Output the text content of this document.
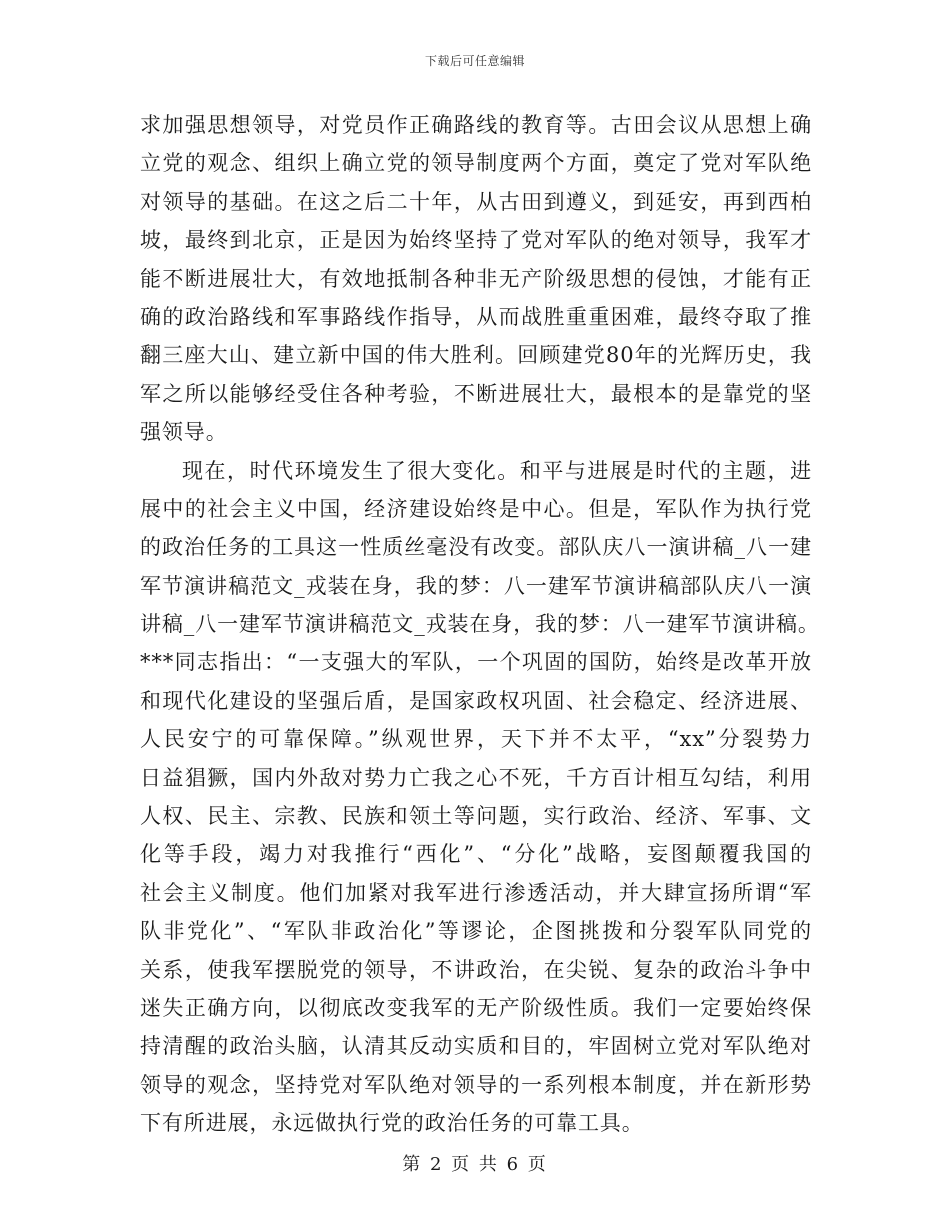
下载后可任意编辑
求加强思想领导，对党员作正确路线的教育等。古田会议从思想上确
立党的观念、组织上确立党的领导制度两个方面，奠定了党对军队绝
对领导的基础。在这之后二十年，从古田到遵义，到延安，再到西柏
坡，最终到北京，正是因为始终坚持了党对军队的绝对领导，我军才
能不断进展壮大，有效地抵制各种非无产阶级思想的侵蚀，才能有正
确的政治路线和军事路线作指导，从而战胜重重困难，最终夺取了推
翻三座大山、建立新中国的伟大胜利。回顾建党80年的光辉历史，我
军之所以能够经受住各种考验，不断进展壮大，最根本的是靠党的坚
强领导。
现在，时代环境发生了很大变化。和平与进展是时代的主题，进
展中的社会主义中国，经济建设始终是中心。但是，军队作为执行党
的政治任务的工具这一性质丝毫没有改变。部队庆八一演讲稿_八一建
军节演讲稿范文_戎装在身，我的梦：八一建军节演讲稿部队庆八一演
讲稿_八一建军节演讲稿范文_戎装在身，我的梦：八一建军节演讲稿。
***同志指出：“一支强大的军队，一个巩固的国防，始终是改革开放
和现代化建设的坚强后盾，是国家政权巩固、社会稳定、经济进展、
人民安宁的可靠保障。”纵观世界，天下并不太平，“xx”分裂势力
日益猖獗，国内外敌对势力亡我之心不死，千方百计相互勾结，利用
人权、民主、宗教、民族和领土等问题，实行政治、经济、军事、文
化等手段，竭力对我推行“西化”、“分化”战略，妄图颠覆我国的
社会主义制度。他们加紧对我军进行渗透活动，并大肆宣扬所谓“军
队非党化”、“军队非政治化”等谬论，企图挑拨和分裂军队同党的
关系，使我军摆脱党的领导，不讲政治，在尖锐、复杂的政治斗争中
迷失正确方向，以彻底改变我军的无产阶级性质。我们一定要始终保
持清醒的政治头脑，认清其反动实质和目的，牢固树立党对军队绝对
领导的观念，坚持党对军队绝对领导的一系列根本制度，并在新形势
下有所进展，永远做执行党的政治任务的可靠工具。
第 2 页 共 6 页
